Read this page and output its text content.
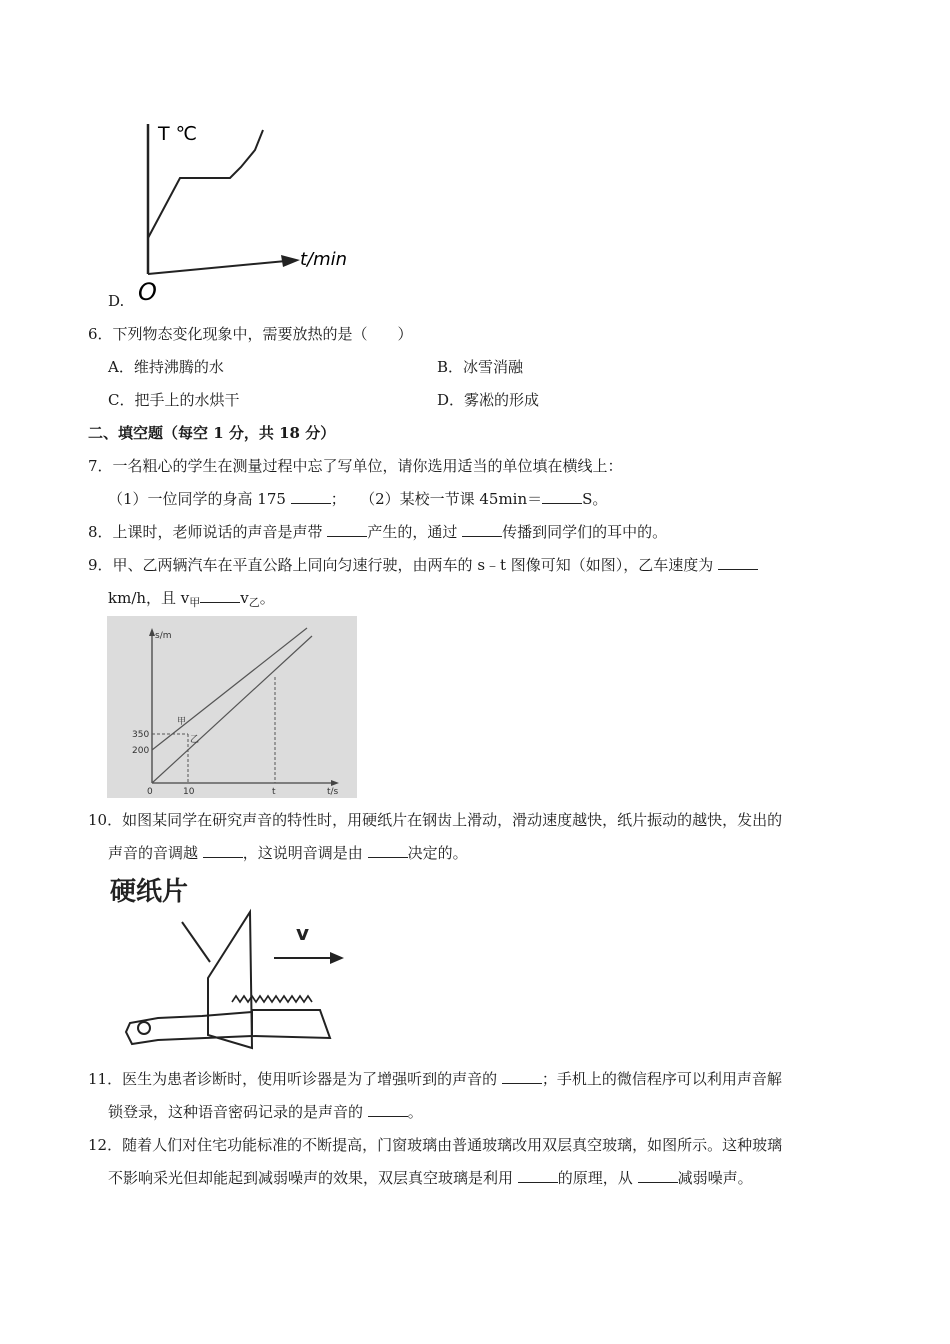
T ℃
t/min
O
D.
6．下列物态变化现象中，需要放热的是（　　）
A．维持沸腾的水	B．冰雪消融
C．把手上的水烘干	D．雾凇的形成
二、填空题（每空 1 分，共 18 分）
7．一名粗心的学生在测量过程中忘了写单位，请你选用适当的单位填在横线上：
（1）一位同学的身高 175	； （2）某校一节课 45min＝	S。
8．上课时，老师说话的声音是声带	产生的，通过	传播到同学们的耳中的。
9．甲、乙两辆汽车在平直公路上同向匀速行驶，由两车的 s﹣t 图像可知（如图），乙车速度为
km/h，且 $v_甲$	$v_乙$。
s/m
t/s
350
200
0	10	t
甲
乙
10．如图某同学在研究声音的特性时，用硬纸片在钢齿上滑动，滑动速度越快，纸片振动的越快，发出的
声音的音调越	，这说明音调是由	决定的。
硬纸片
v
11．医生为患者诊断时，使用听诊器是为了增强听到的声音的	；手机上的微信程序可以利用声音解
锁登录，这种语音密码记录的是声音的	。
12．随着人们对住宅功能标准的不断提高，门窗玻璃由普通玻璃改用双层真空玻璃，如图所示。这种玻璃
不影响采光但却能起到减弱噪声的效果，双层真空玻璃是利用	的原理，从	减弱噪声。
